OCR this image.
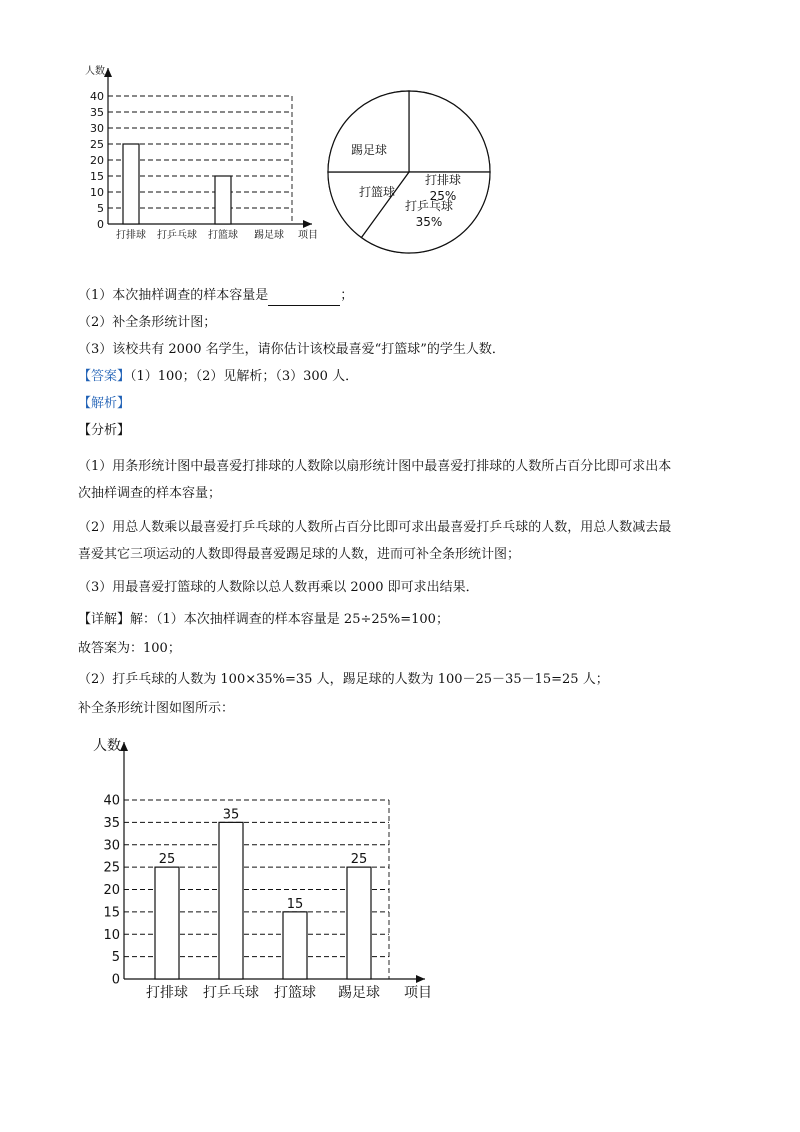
0
5
10
15
20
25
30
35
40
人数
项目
打排球 打乒乓球 打篮球 踢足球
打排球
25%
打乒乓球
35%
打篮球
踢足球
（1）本次抽样调查的样本容量是	；
（2）补全条形统计图；
（3）该校共有 2000 名学生，请你估计该校最喜爱“打篮球”的学生人数．
【答案】（1）100；（2）见解析；（3）300 人．
【解析】
【分析】
（1）用条形统计图中最喜爱打排球的人数除以扇形统计图中最喜爱打排球的人数所占百分比即可求出本
次抽样调查的样本容量；
（2）用总人数乘以最喜爱打乒乓球的人数所占百分比即可求出最喜爱打乒乓球的人数，用总人数减去最
喜爱其它三项运动的人数即得最喜爱踢足球的人数，进而可补全条形统计图；
（3）用最喜爱打篮球的人数除以总人数再乘以 2000 即可求出结果．
【详解】解：（1）本次抽样调查的样本容量是 25÷25%=100；
故答案为：100；
（2）打乒乓球的人数为 100×35%=35 人，踢足球的人数为 100－25－35－15=25 人；
补全条形统计图如图所示：
0
5
10
15
20
25
30
35
40
人数
项目
25
打排球
35
打乒乓球
15
打篮球
25
踢足球
